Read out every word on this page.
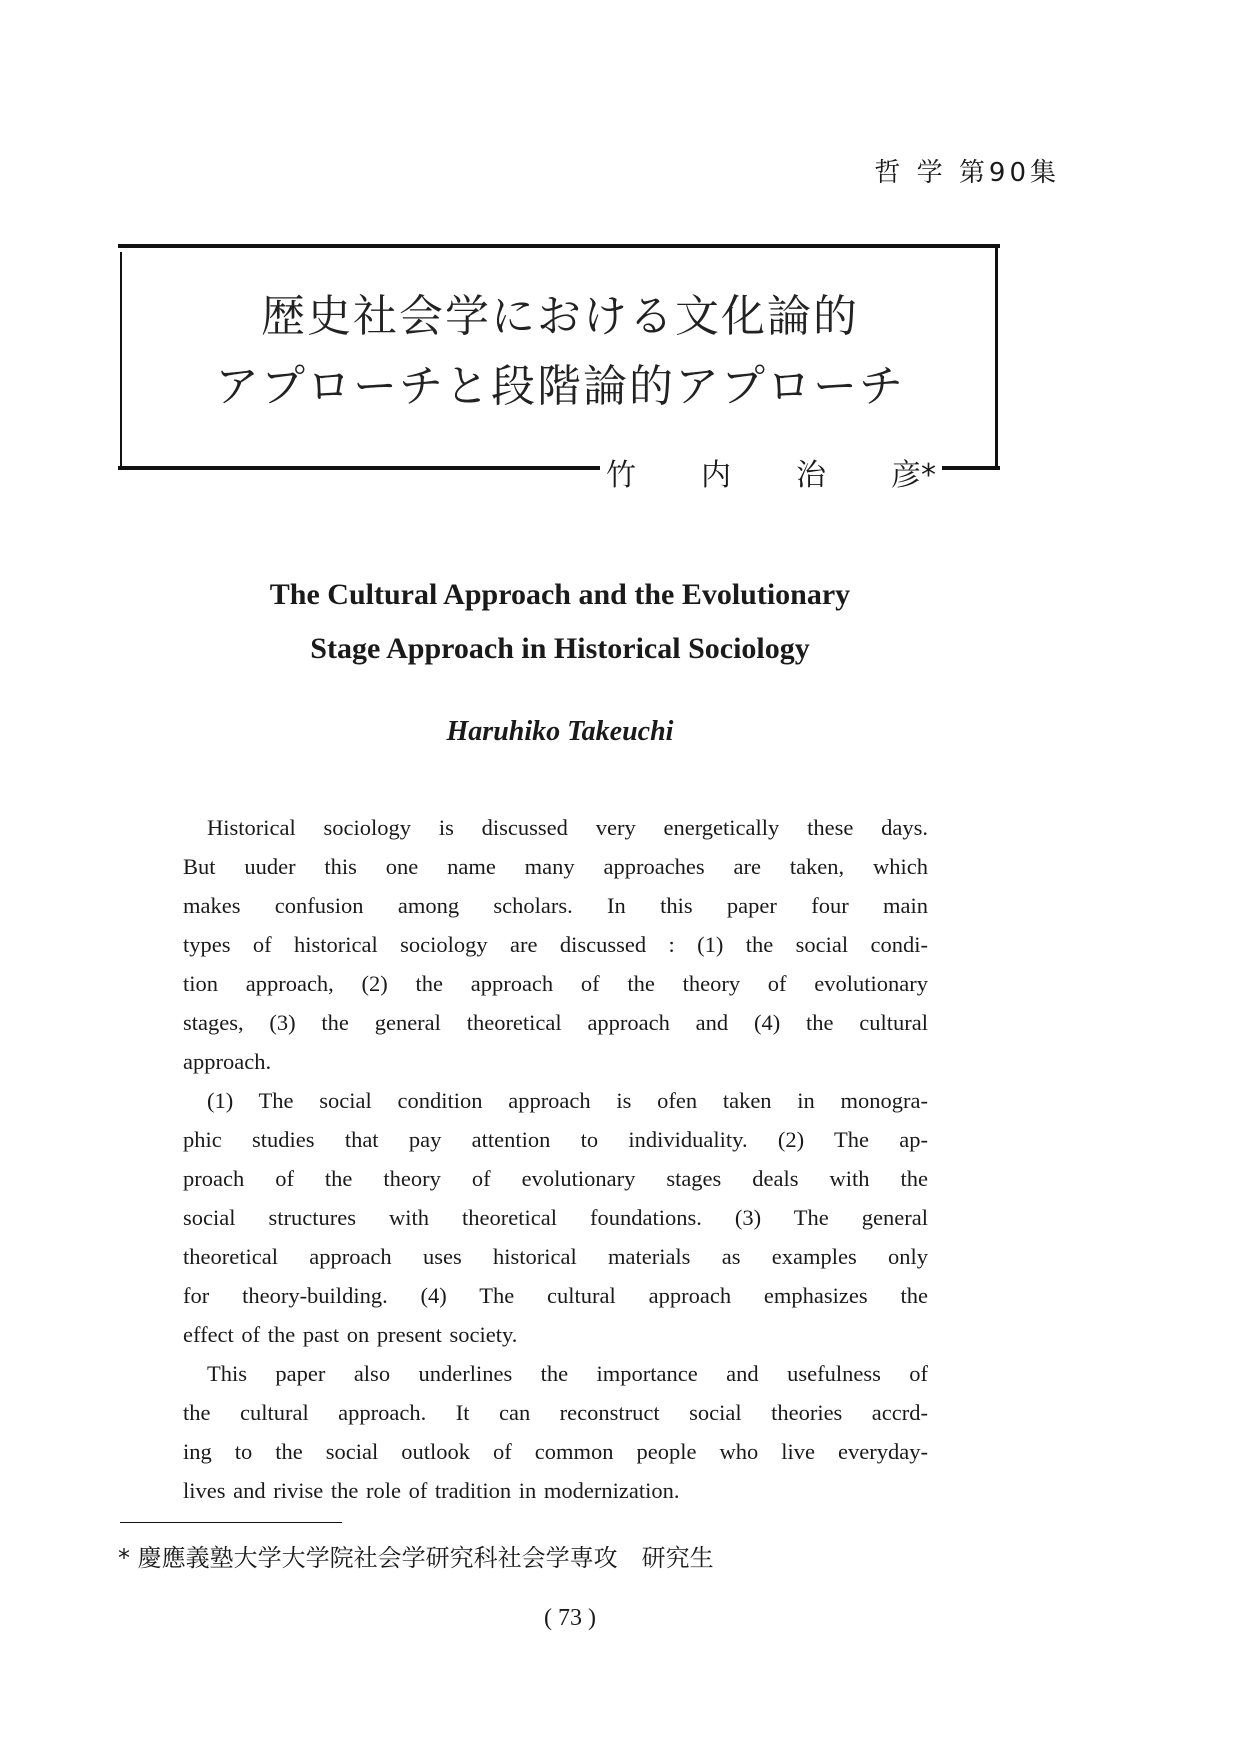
哲 学 第90集
歴史社会学における文化論的
アプローチと段階論的アプローチ
竹 内 治 彦*
The Cultural Approach and the Evolutionary
Stage Approach in Historical Sociology
Haruhiko Takeuchi
Historical sociology is discussed very energetically these days.
But uuder this one name many approaches are taken, which
makes confusion among scholars. In this paper four main
types of historical sociology are discussed : (1) the social condi-
tion approach, (2) the approach of the theory of evolutionary
stages, (3) the general theoretical approach and (4) the cultural
approach.
(1) The social condition approach is ofen taken in monogra-
phic studies that pay attention to individuality. (2) The ap-
proach of the theory of evolutionary stages deals with the
social structures with theoretical foundations. (3) The general
theoretical approach uses historical materials as examples only
for theory-building. (4) The cultural approach emphasizes the
effect of the past on present society.
This paper also underlines the importance and usefulness of
the cultural approach. It can reconstruct social theories accrd-
ing to the social outlook of common people who live everyday-
lives and rivise the role of tradition in modernization.
* 慶應義塾大学大学院社会学研究科社会学専攻　研究生
( 73 )
